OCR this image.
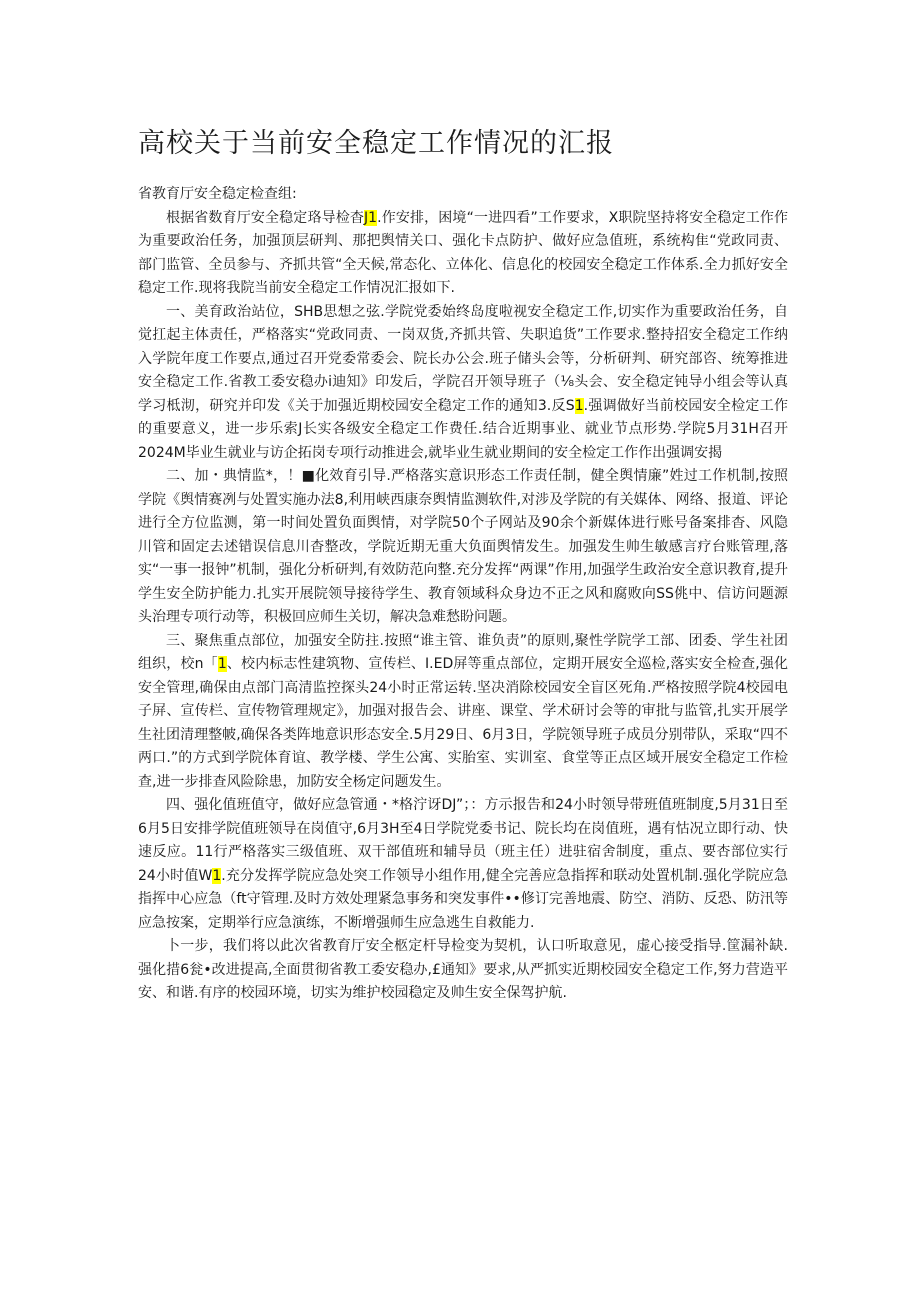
高校关于当前安全稳定工作情况的汇报

省教育厅安全稳定检查组:

根据省数育厅安全稳定珞导检杳J1.作安排，困境“一进四看”工作要求，X职院坚持将安全稳定工作作为重要政治任务，加强顶层研判、那把舆情关口、强化卡点防护、做好应急值班，系统构隹“党政同责、部门监管、全员参与、齐抓共管“全天候,常态化、立体化、信息化的校园安全稳定工作体系.全力抓好安全稳定工作.现将我院当前安全稳定工作情况汇报如下.

一、美育政治站位，SHB思想之弦.学院党委始终岛度啦视安全稳定工作,切实作为重要政治任务，自觉扛起主体责任，严格落实“党政同责、一岗双货,齐抓共管、失职追货”工作要求.整持招安全稳定工作纳入学院年度工作要点,通过召开党委常委会、院长办公会.班子储头会等，分析研判、研究部咨、统筹推进安全稳定工作.省教工委安稳办i迪知》印发后，学院召开领导班子（⅛头会、安全稳定钝导小组会等认真学习柢沏，研究并印发《关于加强近期校园安全稳定工作的通知3.反S1.强调做好当前校园安全检定工作的重要意义，进一步乐索J长实各级安全稳定工作费任.结合近期事业、就业节点形势.学院5月31H召开2024M毕业生就业与访企拓岗专项行动推进会,就毕业生就业期间的安全检定工作作出强调安揭

二、加・典情监*，！■化效育引导.严格落实意识形态工作责任制，健全舆情廉”姓过工作机制,按照学院《舆情赛冽与处置实施办法8,利用峡西康奈舆情监测软件,对涉及学院的有关媒体、网络、报道、评论进行全方位监测，第一时间处置负面舆情，对学院50个子网站及90余个新媒体进行账号备案排杳、风隐川管和固定去述错误信息川杳整改，学院近期无重大负面舆情发生。加强发生帅生敏感言疗台账管理,落实“一事一报钟”机制，强化分析研判,有效防范向整.充分发挥“两课”作用,加强学生政治安全意识教育,提升学生安全防护能力.扎实开展院领导接待学生、教育领域科众身边不正之风和腐败向SS佻中、信访问题源头治理专项行动等，积极回应师生关切，解决急难愁盼问题。

三、聚焦重点部位，加强安全防拄.按照“谁主管、谁负责”的原则,聚性学院学工部、团委、学生社团组织，校n「1、校内标志性建筑物、宣传栏、I.ED屏等重点部位，定期开展安全巡检,落实安全检查,强化安全管理,确保由点部门高清监控探头24小时正常运转.坚决消除校园安全盲区死角.严格按照学院4校园电子屏、宣传栏、宣传物管理规定》，加强对报告会、讲座、课堂、学术研讨会等的审批与监管,扎实开展学生社团清理整帔,确保各类阵地意识形态安全.5月29日、6月3日，学院领导班子成员分别带队，采取“四不两口.”的方式到学院体育谊、教学楼、学生公寓、实胎室、实训室、食堂等正点区域开展安全稳定工作检查,进一步排查风险除患，加防安全杨定问题发生。

四、强化值班值守，做好应急管通・*格泞讶DJ”；：方示报告和24小时领导带班值班制度,5月31日至6月5日安排学院值班领导在岗值守,6月3H至4日学院党委书记、院长均在岗值班，遇有怙况立即行动、快速反应。11行严格落实三级值班、双干部值班和辅导员（班主任）进驻宿舍制度，重点、要杏部位实行24小时值W1.充分发挥学院应急处突工作领导小组作用,健全完善应急指挥和联动处置机制.强化学院应急指挥中心应急（ft守管理.及时方效处理紧急事务和突发事件••修订完善地震、防空、消防、反恐、防汛等应急按案，定期举行应急演练，不断增强师生应急逃生自救能力.

卜一步，我们将以此次省教育厅安全柩定杆导检变为契机，认口听取意见，虚心接受指导.筐漏补缺.强化措6瓮•改进提高,全面贯彻省教工委安稳办,£通知》要求,从严抓实近期校园安全稳定工作,努力营造平安、和谐.有序的校园环境，切实为维护校园稳定及帅生安全保驾护航.
